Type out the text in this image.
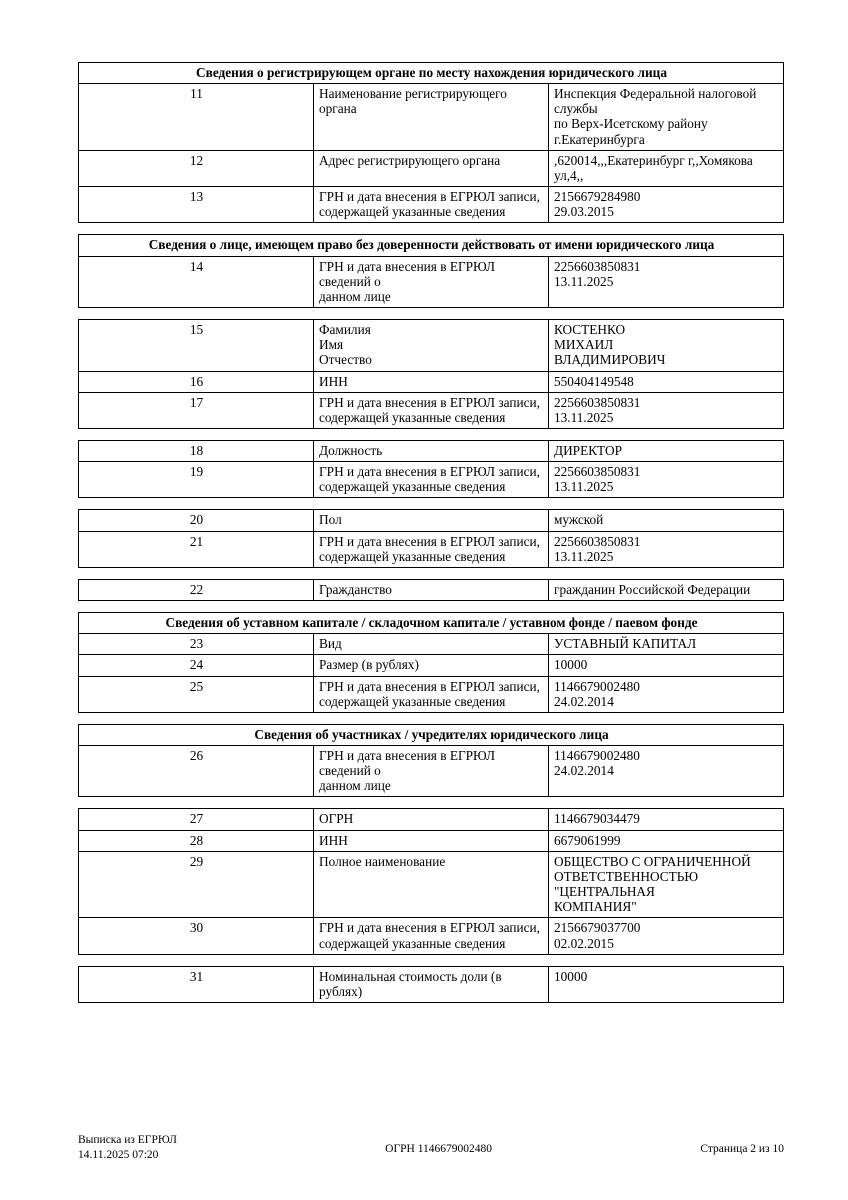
Сведения о регистрирующем органе по месту нахождения юридического лица		
11	Наименование регистрирующего органа	Инспекция Федеральной налоговой службы
по Верх-Исетскому району г.Екатеринбурга

12	Адрес регистрирующего органа	,620014,,,Екатеринбург г,,Хомякова ул,4,,
13	ГРН и дата внесения в ЕГРЮЛ записи,
содержащей указанные сведения	2156679284980
29.03.2015

Сведения о лице, имеющем право без доверенности действовать от имени юридического лица		
14	ГРН и дата внесения в ЕГРЮЛ сведений о
данном лице	2256603850831
13.11.2025

15	Фамилия
Имя
Отчество	КОСТЕНКО
МИХАИЛ
ВЛАДИМИРОВИЧ

16	ИНН	550404149548
17	ГРН и дата внесения в ЕГРЮЛ записи,
содержащей указанные сведения	2256603850831
13.11.2025

18	Должность	ДИРЕКТОР
19	ГРН и дата внесения в ЕГРЮЛ записи,
содержащей указанные сведения	2256603850831
13.11.2025

20	Пол	мужской
21	ГРН и дата внесения в ЕГРЮЛ записи,
содержащей указанные сведения	2256603850831
13.11.2025

22	Гражданство	гражданин Российской Федерации

Сведения об уставном капитале / складочном капитале / уставном фонде / паевом фонде		
23	Вид	УСТАВНЫЙ КАПИТАЛ
24	Размер (в рублях)	10000
25	ГРН и дата внесения в ЕГРЮЛ записи,
содержащей указанные сведения	1146679002480
24.02.2014

Сведения об участниках / учредителях юридического лица		
26	ГРН и дата внесения в ЕГРЮЛ сведений о
данном лице	1146679002480
24.02.2014

27	ОГРН	1146679034479
28	ИНН	6679061999
29	Полное наименование	ОБЩЕСТВО С ОГРАНИЧЕННОЙ
ОТВЕТСТВЕННОСТЬЮ "ЦЕНТРАЛЬНАЯ
КОМПАНИЯ"

30	ГРН и дата внесения в ЕГРЮЛ записи,
содержащей указанные сведения	2156679037700
02.02.2015

31	Номинальная стоимость доли (в рублях)	10000
Выписка из ЕГРЮЛ
14.11.2025 07:20	ОГРН 1146679002480	Страница 2 из 10
